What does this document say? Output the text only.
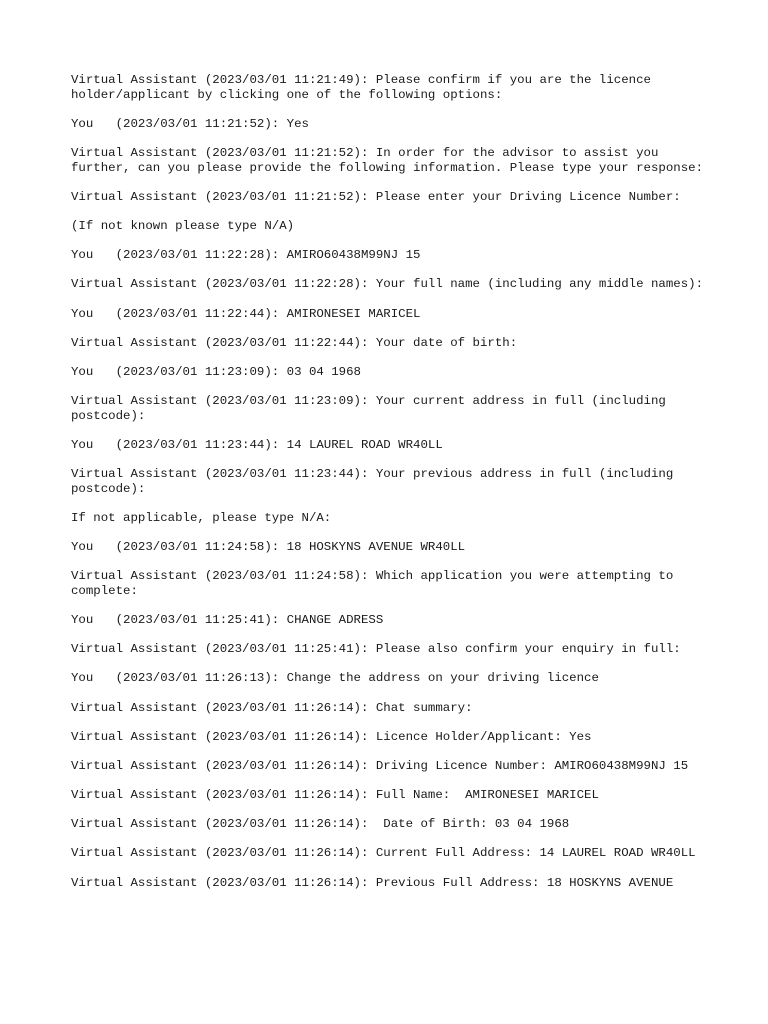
Virtual Assistant (2023/03/01 11:21:49): Please confirm if you are the licence holder/applicant by clicking one of the following options:

You   (2023/03/01 11:21:52): Yes

Virtual Assistant (2023/03/01 11:21:52): In order for the advisor to assist you further, can you please provide the following information. Please type your response:

Virtual Assistant (2023/03/01 11:21:52): Please enter your Driving Licence Number:

(If not known please type N/A)

You   (2023/03/01 11:22:28): AMIRO60438M99NJ 15

Virtual Assistant (2023/03/01 11:22:28): Your full name (including any middle names):

You   (2023/03/01 11:22:44): AMIRONESEI MARICEL

Virtual Assistant (2023/03/01 11:22:44): Your date of birth:

You   (2023/03/01 11:23:09): 03 04 1968

Virtual Assistant (2023/03/01 11:23:09): Your current address in full (including postcode):

You   (2023/03/01 11:23:44): 14 LAUREL ROAD WR40LL

Virtual Assistant (2023/03/01 11:23:44): Your previous address in full (including postcode):

If not applicable, please type N/A:

You   (2023/03/01 11:24:58): 18 HOSKYNS AVENUE WR40LL

Virtual Assistant (2023/03/01 11:24:58): Which application you were attempting to complete:

You   (2023/03/01 11:25:41): CHANGE ADRESS

Virtual Assistant (2023/03/01 11:25:41): Please also confirm your enquiry in full:

You   (2023/03/01 11:26:13): Change the address on your driving licence

Virtual Assistant (2023/03/01 11:26:14): Chat summary:

Virtual Assistant (2023/03/01 11:26:14): Licence Holder/Applicant: Yes

Virtual Assistant (2023/03/01 11:26:14): Driving Licence Number: AMIRO60438M99NJ 15

Virtual Assistant (2023/03/01 11:26:14): Full Name:  AMIRONESEI MARICEL

Virtual Assistant (2023/03/01 11:26:14):  Date of Birth: 03 04 1968

Virtual Assistant (2023/03/01 11:26:14): Current Full Address: 14 LAUREL ROAD WR40LL

Virtual Assistant (2023/03/01 11:26:14): Previous Full Address: 18 HOSKYNS AVENUE
